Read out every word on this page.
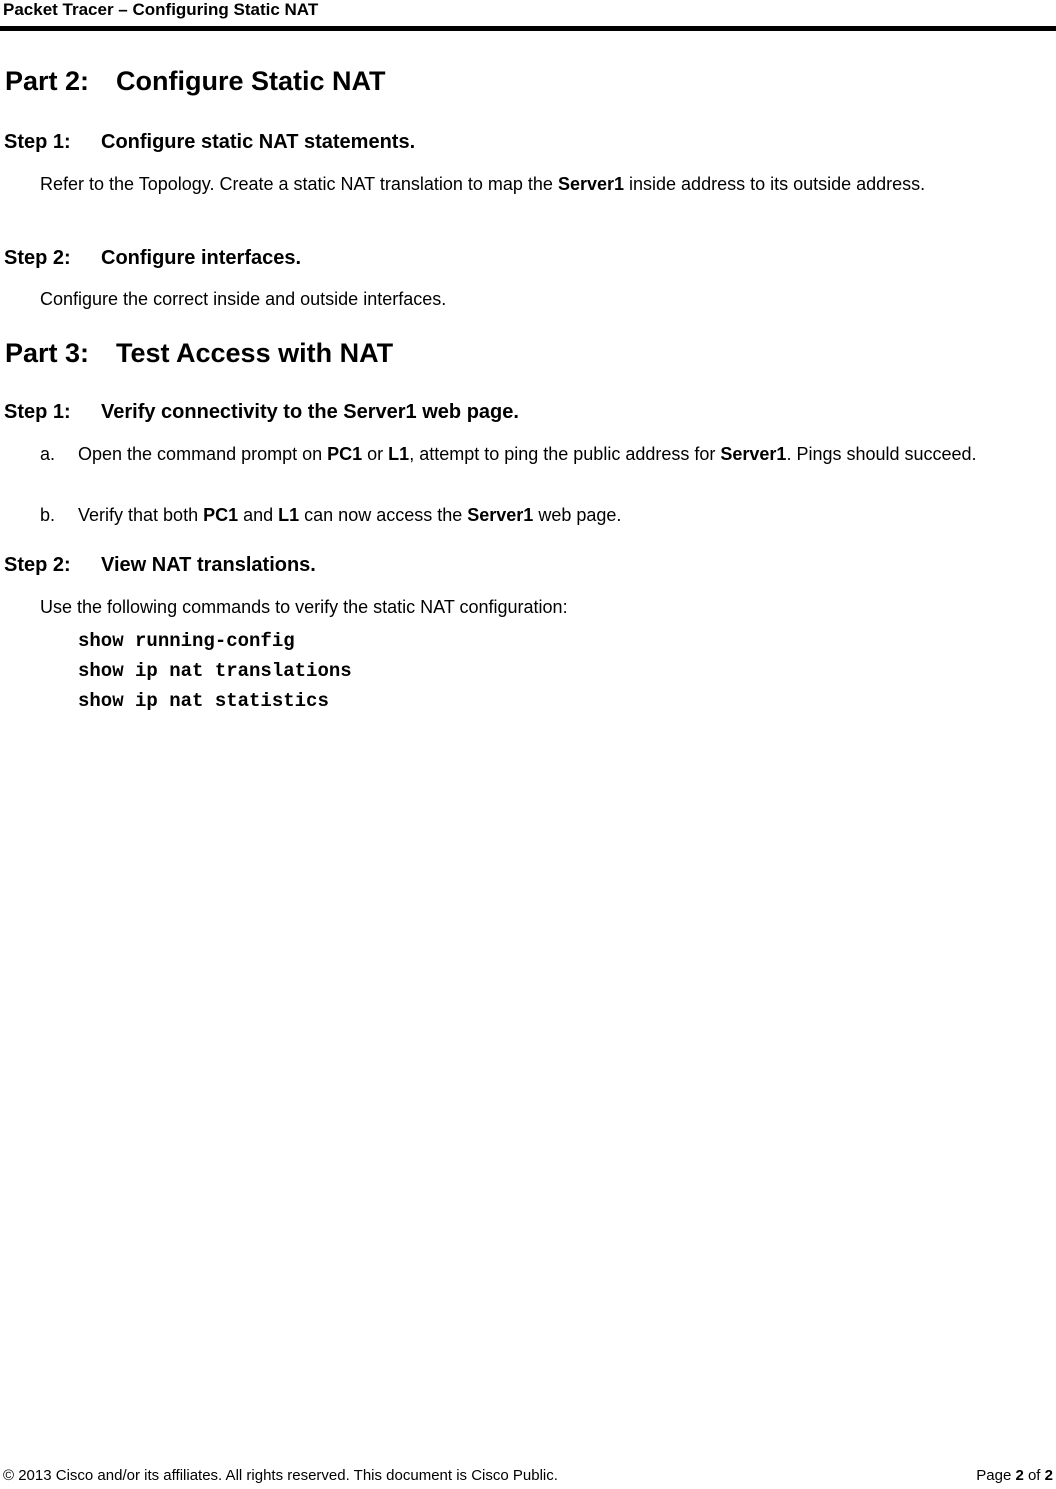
Packet Tracer – Configuring Static NAT
Part 2: Configure Static NAT
Step 1: Configure static NAT statements.
Refer to the Topology. Create a static NAT translation to map the Server1 inside address to its outside address.
Step 2: Configure interfaces.
Configure the correct inside and outside interfaces.
Part 3: Test Access with NAT
Step 1: Verify connectivity to the Server1 web page.
a. Open the command prompt on PC1 or L1, attempt to ping the public address for Server1. Pings should succeed.
b. Verify that both PC1 and L1 can now access the Server1 web page.
Step 2: View NAT translations.
Use the following commands to verify the static NAT configuration:
show running-config
show ip nat translations
show ip nat statistics
© 2013 Cisco and/or its affiliates. All rights reserved. This document is Cisco Public.	Page 2 of 2
